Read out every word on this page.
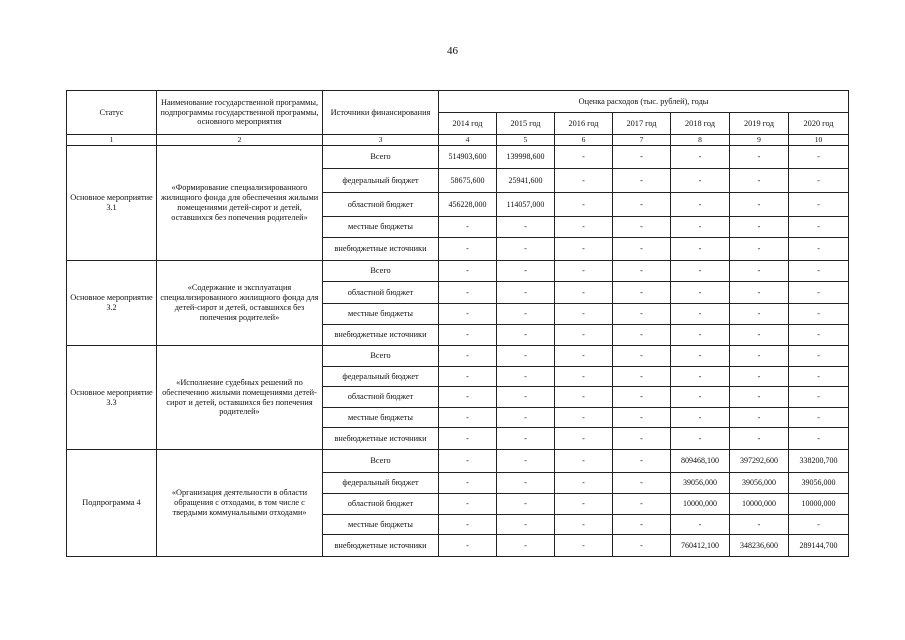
46
Статус	Наименование государственной программы, подпрограммы государственной программы, основного мероприятия	Источники финансирования	Оценка расходов (тыс. рублей), годы						
			2014 год	2015 год	2016 год	2017 год	2018 год	2019 год	2020 год
1	2	3	4	5	6	7	8	9	10
Основное мероприятие 3.1	«Формирование специализированного жилищного фонда для обеспечения жилыми помещениями детей-сирот и детей, оставшихся без попечения родителей»	Всего	514903,600	139998,600	-	-	-	-	-
		федеральный бюджет	58675,600	25941,600	-	-	-	-	-
		областной бюджет	456228,000	114057,000	-	-	-	-	-
		местные бюджеты	-	-	-	-	-	-	-
		внебюджетные источники	-	-	-	-	-	-	-
Основное мероприятие 3.2	«Содержание и эксплуатация специализированного жилищного фонда для детей-сирот и детей, оставшихся без попечения родителей»	Всего	-	-	-	-	-	-	-
		областной бюджет	-	-	-	-	-	-	-
		местные бюджеты	-	-	-	-	-	-	-
		внебюджетные источники	-	-	-	-	-	-	-
Основное мероприятие 3.3	«Исполнение судебных решений по обеспечению жилыми помещениями детей-сирот и детей, оставшихся без попечения родителей»	Всего	-	-	-	-	-	-	-
		федеральный бюджет	-	-	-	-	-	-	-
		областной бюджет	-	-	-	-	-	-	-
		местные бюджеты	-	-	-	-	-	-	-
		внебюджетные источники	-	-	-	-	-	-	-
Подпрограмма 4	«Организация деятельности в области обращения с отходами, в том числе с твердыми коммунальными отходами»	Всего	-	-	-	-	809468,100	397292,600	338200,700
		федеральный бюджет	-	-	-	-	39056,000	39056,000	39056,000
		областной бюджет	-	-	-	-	10000,000	10000,000	10000,000
		местные бюджеты	-	-	-	-	-	-	-
		внебюджетные источники	-	-	-	-	760412,100	348236,600	289144,700
